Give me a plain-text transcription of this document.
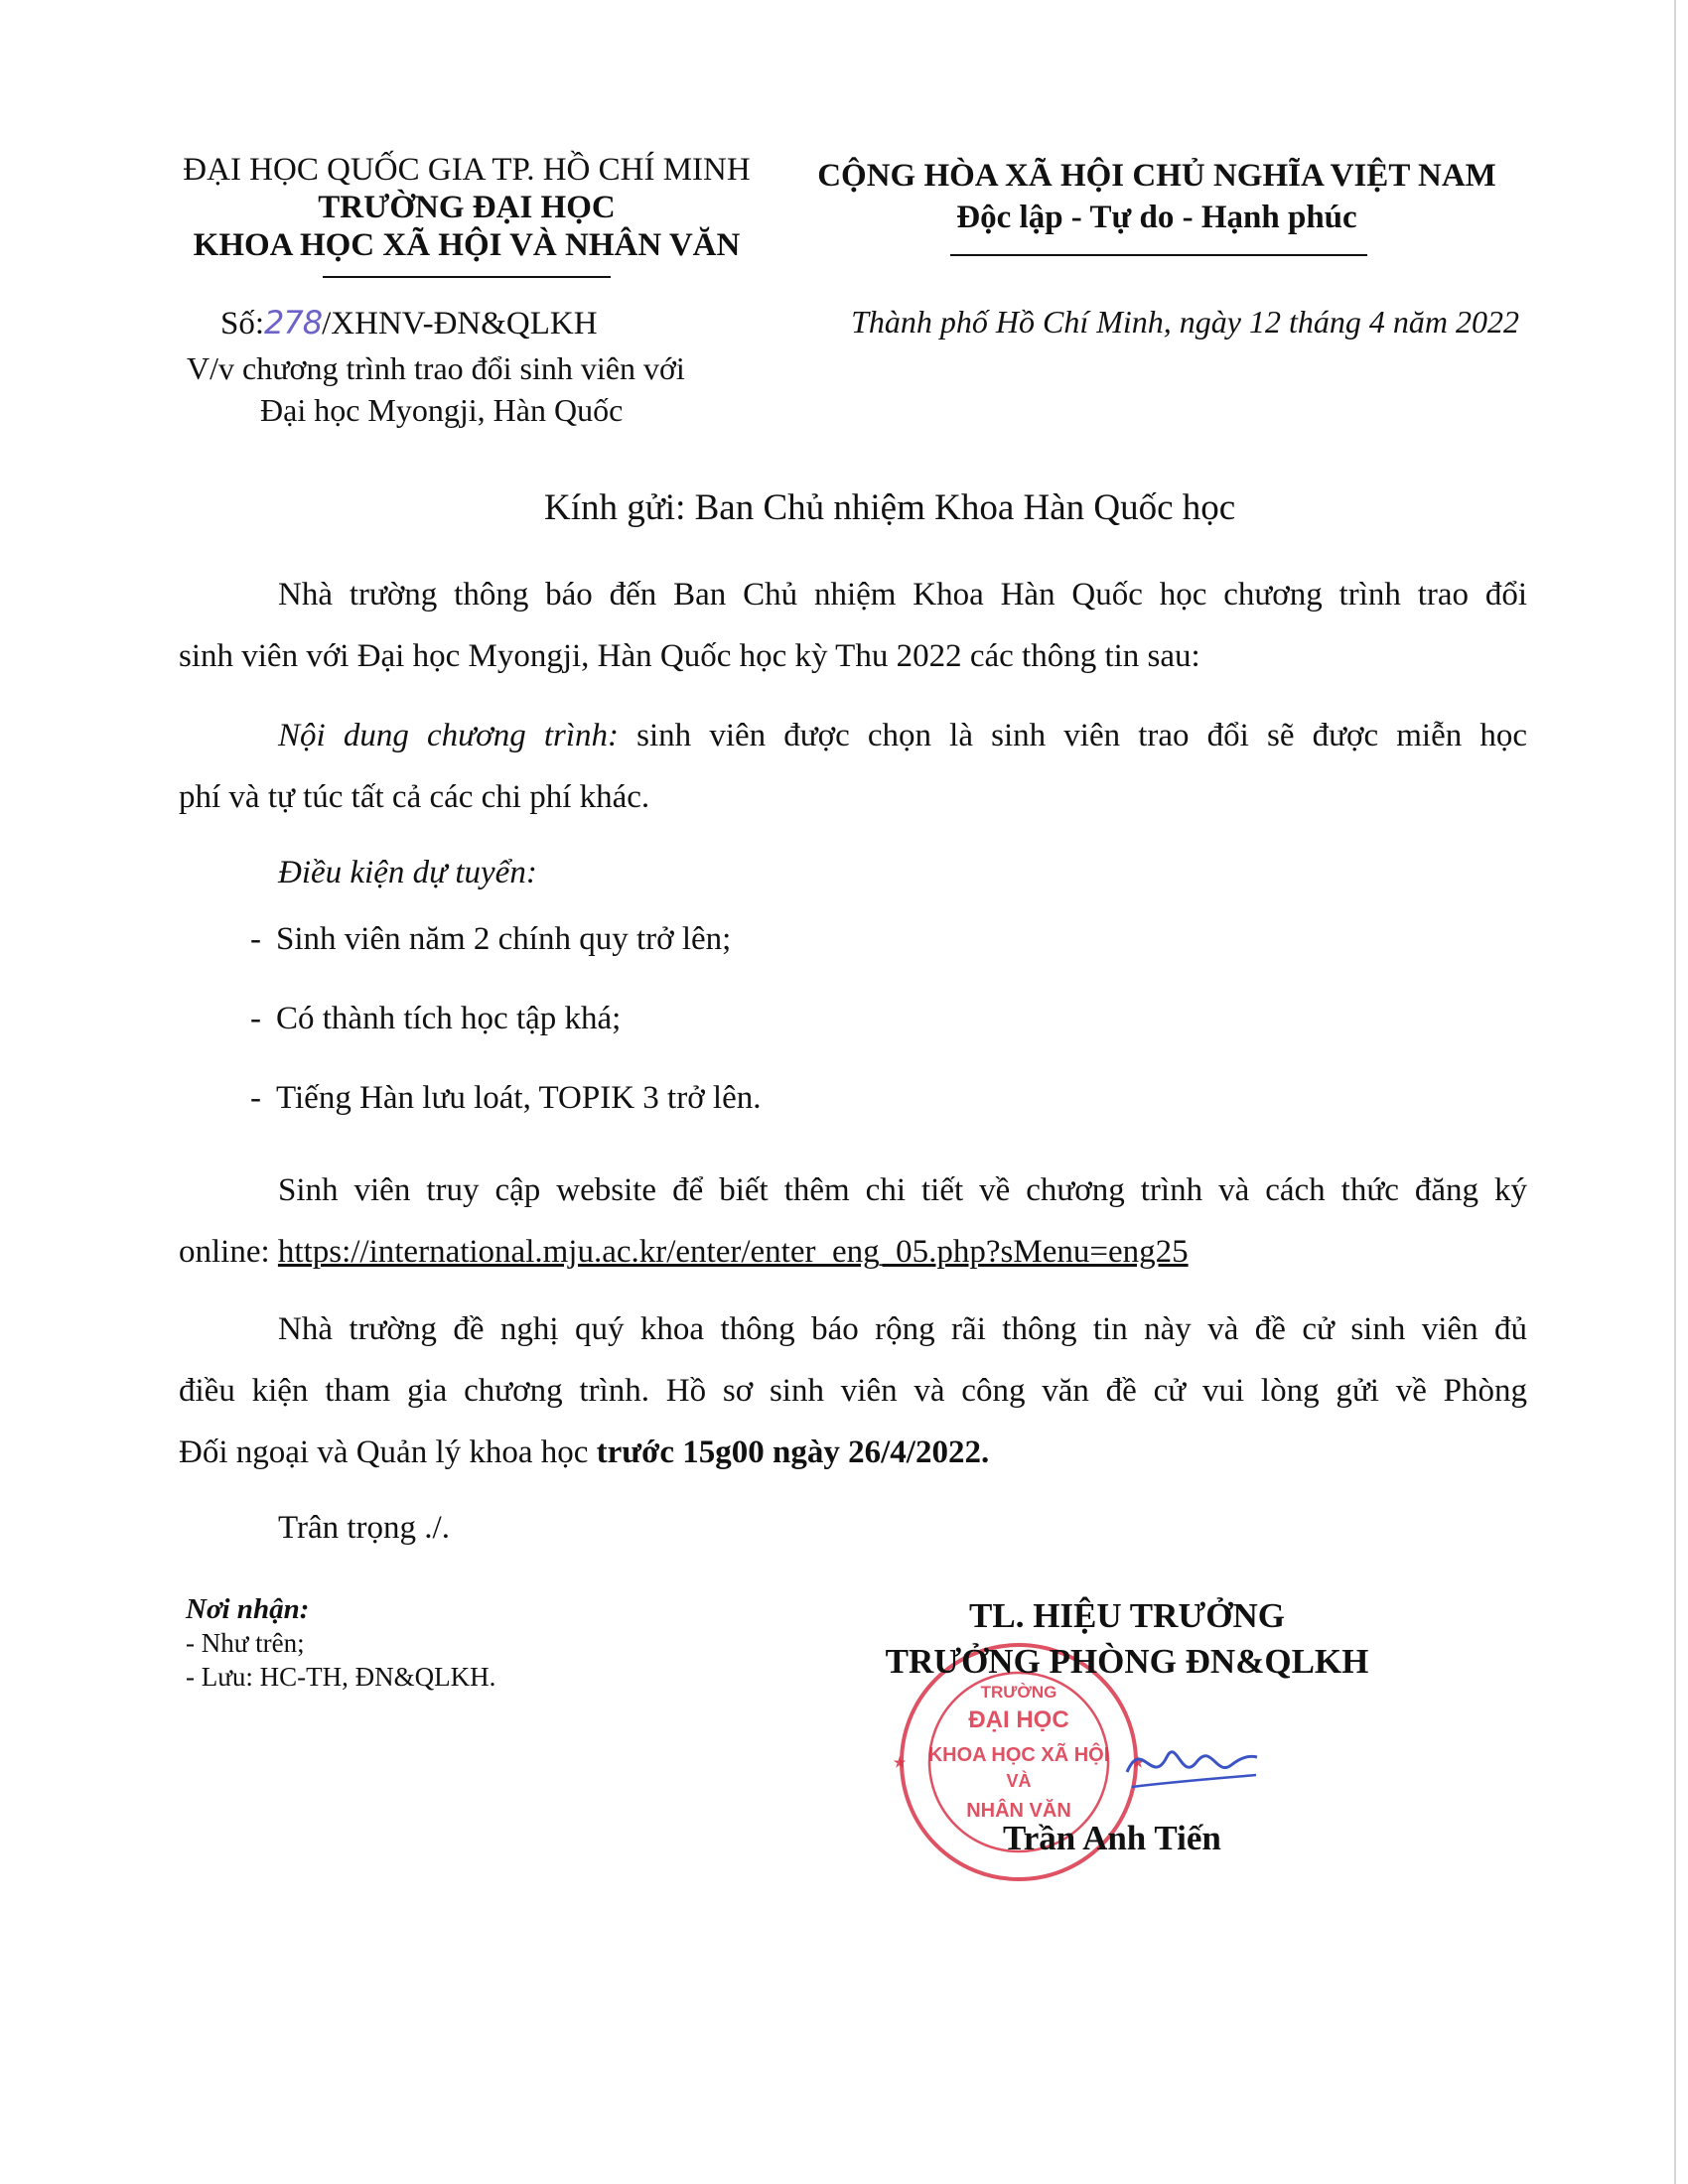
ĐẠI HỌC QUỐC GIA TP. HỒ CHÍ MINH
TRƯỜNG ĐẠI HỌC
KHOA HỌC XÃ HỘI VÀ NHÂN VĂN
CỘNG HÒA XÃ HỘI CHỦ NGHĨA VIỆT NAM
Độc lập - Tự do - Hạnh phúc
Số:278/XHNV-ĐN&QLKH
V/v chương trình trao đổi sinh viên với
Đại học Myongji, Hàn Quốc
Thành phố Hồ Chí Minh, ngày 12 tháng 4 năm 2022
Kính gửi: Ban Chủ nhiệm Khoa Hàn Quốc học
Nhà trường thông báo đến Ban Chủ nhiệm Khoa Hàn Quốc học chương trình trao đổi
sinh viên với Đại học Myongji, Hàn Quốc học kỳ Thu 2022 các thông tin sau:
Nội dung chương trình: sinh viên được chọn là sinh viên trao đổi sẽ được miễn học
phí và tự túc tất cả các chi phí khác.
Điều kiện dự tuyển:
- Sinh viên năm 2 chính quy trở lên;
- Có thành tích học tập khá;
- Tiếng Hàn lưu loát, TOPIK 3 trở lên.
Sinh viên truy cập website để biết thêm chi tiết về chương trình và cách thức đăng ký
online: https://international.mju.ac.kr/enter/enter_eng_05.php?sMenu=eng25
Nhà trường đề nghị quý khoa thông báo rộng rãi thông tin này và đề cử sinh viên đủ
điều kiện tham gia chương trình. Hồ sơ sinh viên và công văn đề cử vui lòng gửi về Phòng
Đối ngoại và Quản lý khoa học trước 15g00 ngày 26/4/2022.
Trân trọng ./.
Nơi nhận:
- Như trên;
- Lưu: HC-TH, ĐN&QLKH.
TRƯỜNG
ĐẠI HỌC
KHOA HỌC XÃ HỘI
VÀ
NHÂN VĂN
★	★
TL. HIỆU TRƯỞNG
TRƯỞNG PHÒNG ĐN&QLKH
Trần Anh Tiến
